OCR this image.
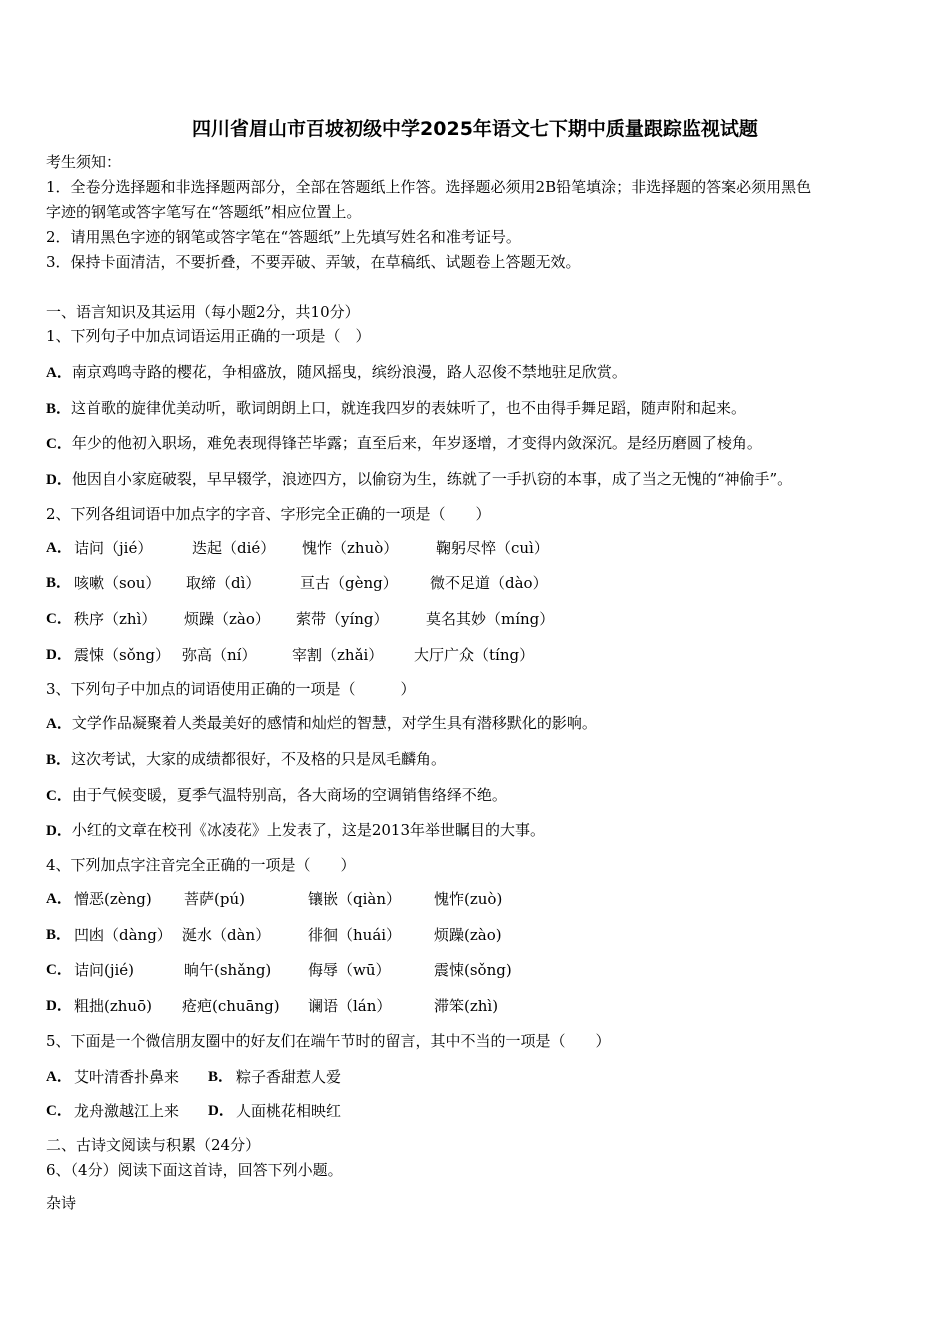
四川省眉山市百坡初级中学2025年语文七下期中质量跟踪监视试题
考生须知：
1．全卷分选择题和非选择题两部分，全部在答题纸上作答。选择题必须用2B铅笔填涂；非选择题的答案必须用黑色
字迹的钢笔或答字笔写在“答题纸”相应位置上。
2．请用黑色字迹的钢笔或答字笔在“答题纸”上先填写姓名和准考证号。
3．保持卡面清洁，不要折叠，不要弄破、弄皱，在草稿纸、试题卷上答题无效。
一、语言知识及其运用（每小题2分，共10分）
1、下列句子中加点词语运用正确的一项是（　）
A．南京鸡鸣寺路的樱花，争相盛放，随风摇曳，缤纷浪漫，路人忍俊不禁地驻足欣赏。
B．这首歌的旋律优美动听，歌词朗朗上口，就连我四岁的表妹听了，也不由得手舞足蹈，随声附和起来。
C．年少的他初入职场，难免表现得锋芒毕露；直至后来，年岁逐增，才变得内敛深沉。是经历磨圆了棱角。
D．他因自小家庭破裂，早早辍学，浪迹四方，以偷窃为生，练就了一手扒窃的本事，成了当之无愧的“神偷手”。
2、下列各组词语中加点字的字音、字形完全正确的一项是（　　）
A． 诘问（jié）	迭起（dié） 愧怍（zhuò）	鞠躬尽悴（cuì）
B． 咳嗽（sou） 取缔（dì）	亘古（gèng） 微不足道（dào）
C． 秩序（zhì） 烦躁（zào） 萦带（yíng） 莫名其妙（míng）
D． 震悚（sǒng） 弥高（ní） 宰割（zhǎi） 大厅广众（tíng）
3、下列句子中加点的词语使用正确的一项是（　　　）
A．文学作品凝聚着人类最美好的感情和灿烂的智慧，对学生具有潜移默化的影响。
B．这次考试，大家的成绩都很好，不及格的只是凤毛麟角。
C．由于气候变暖，夏季气温特别高，各大商场的空调销售络绎不绝。
D．小红的文章在校刊《冰凌花》上发表了，这是2013年举世瞩目的大事。
4、下列加点字注音完全正确的一项是（　　）
A． 憎恶(zèng) 菩萨(pú)	镶嵌（qiàn） 愧怍(zuò)
B． 凹凼（dàng） 涎水（dàn）	徘徊（huái） 烦躁(zào)
C． 诘问(jié)	晌午(shǎng) 侮辱（wū）	震悚(sǒng)
D． 粗拙(zhuō) 疮疤(chuāng) 谰语（lán）	滞笨(zhì)
5、下面是一个微信朋友圈中的好友们在端午节时的留言，其中不当的一项是（　　）
A． 艾叶清香扑鼻来 B． 粽子香甜惹人爱
C． 龙舟激越江上来 D． 人面桃花相映红
二、古诗文阅读与积累（24分）
6、（4分）阅读下面这首诗，回答下列小题。
杂诗
